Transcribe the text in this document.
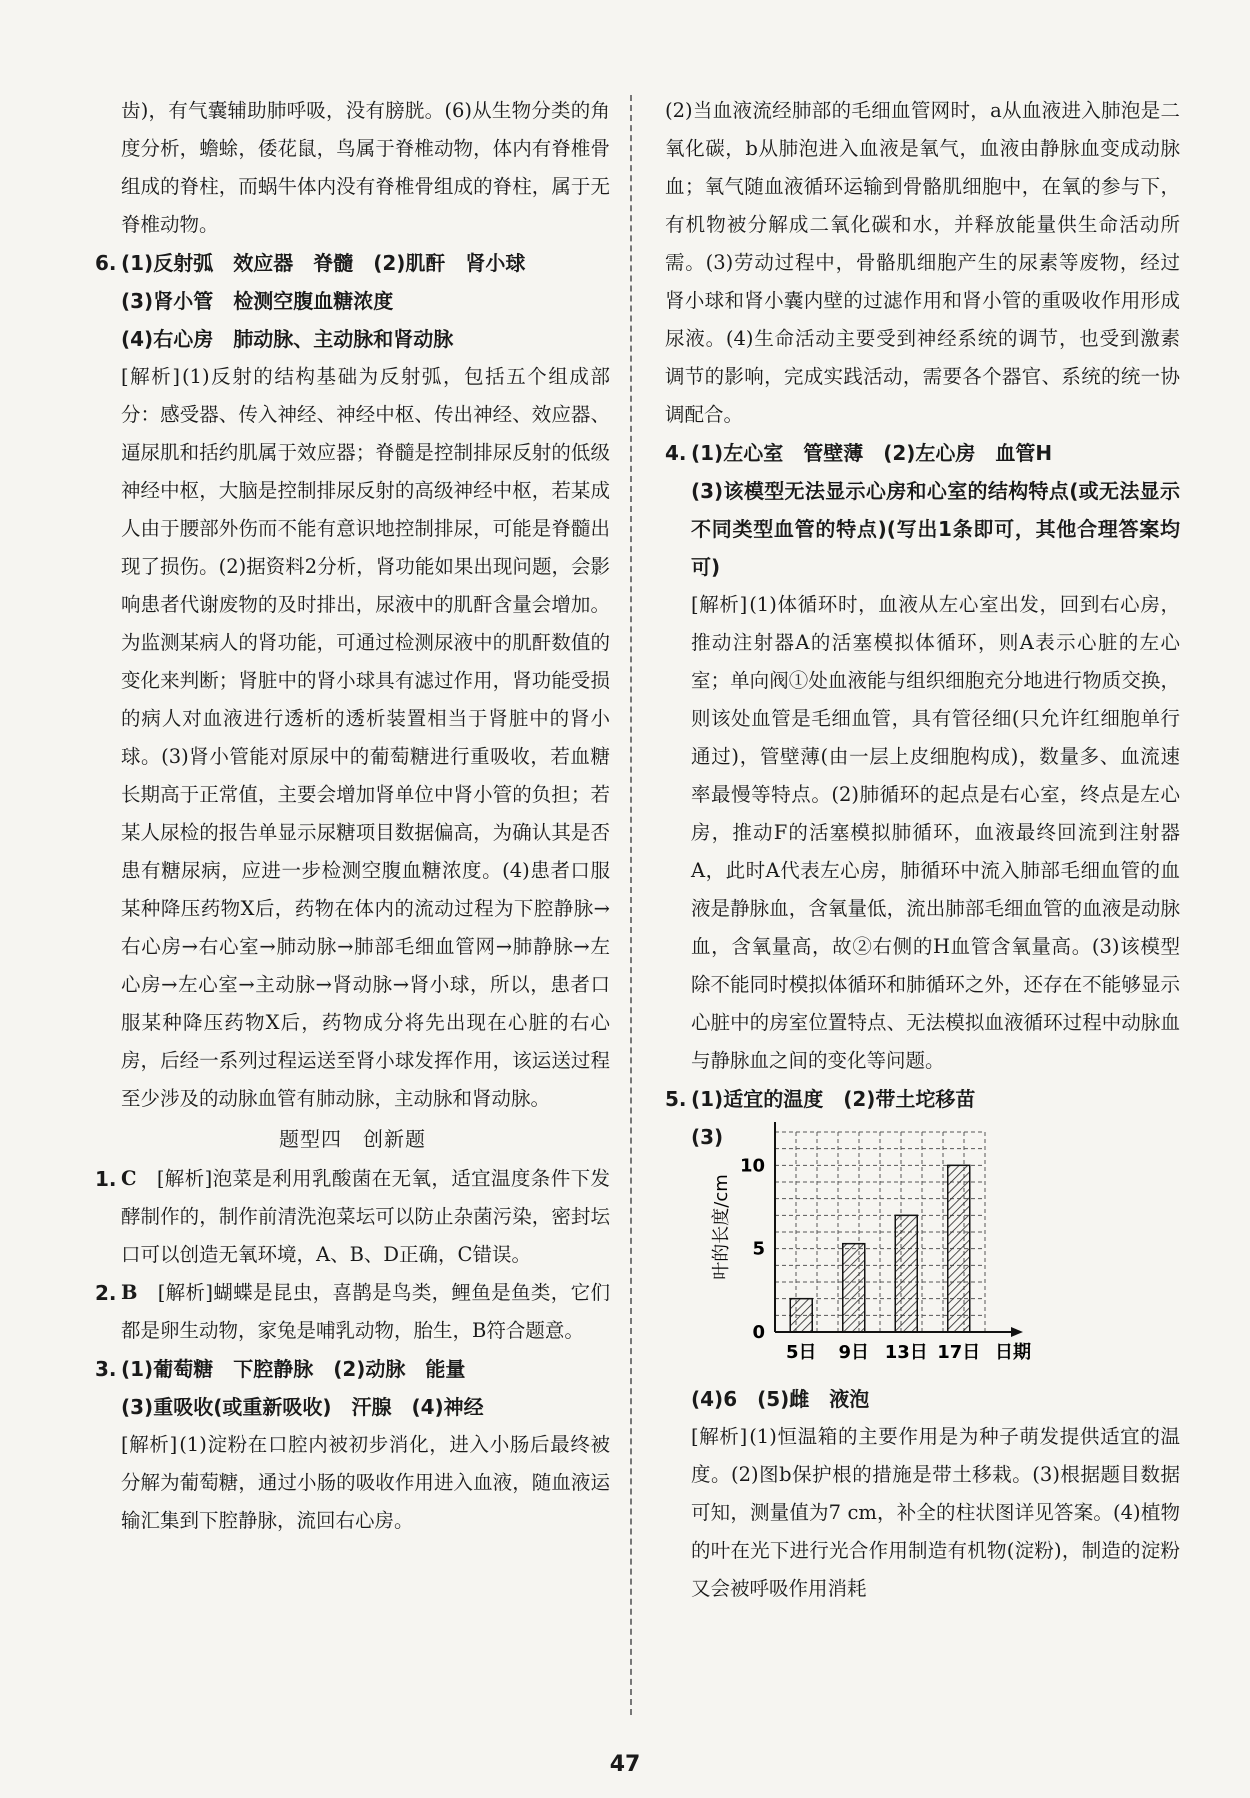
齿)，有气囊辅助肺呼吸，没有膀胱。(6)从生物分类的角度分析，蟾蜍，倭花鼠，鸟属于脊椎动物，体内有脊椎骨组成的脊柱，而蜗牛体内没有脊椎骨组成的脊柱，属于无脊椎动物。

6. (1)反射弧　效应器　脊髓　(2)肌酐　肾小球

(3)肾小管　检测空腹血糖浓度

(4)右心房　肺动脉、主动脉和肾动脉

[解析] (1)反射的结构基础为反射弧，包括五个组成部分：感受器、传入神经、神经中枢、传出神经、效应器、逼尿肌和括约肌属于效应器；脊髓是控制排尿反射的低级神经中枢，大脑是控制排尿反射的高级神经中枢，若某成人由于腰部外伤而不能有意识地控制排尿，可能是脊髓出现了损伤。(2)据资料2分析，肾功能如果出现问题，会影响患者代谢废物的及时排出，尿液中的肌酐含量会增加。为监测某病人的肾功能，可通过检测尿液中的肌酐数值的变化来判断；肾脏中的肾小球具有滤过作用，肾功能受损的病人对血液进行透析的透析装置相当于肾脏中的肾小球。(3)肾小管能对原尿中的葡萄糖进行重吸收，若血糖长期高于正常值，主要会增加肾单位中肾小管的负担；若某人尿检的报告单显示尿糖项目数据偏高，为确认其是否患有糖尿病，应进一步检测空腹血糖浓度。(4)患者口服某种降压药物X后，药物在体内的流动过程为下腔静脉→右心房→右心室→肺动脉→肺部毛细血管网→肺静脉→左心房→左心室→主动脉→肾动脉→肾小球，所以，患者口服某种降压药物X后，药物成分将先出现在心脏的右心房，后经一系列过程运送至肾小球发挥作用，该运送过程至少涉及的动脉血管有肺动脉，主动脉和肾动脉。

题型四　创新题
1. C　 [解析]泡菜是利用乳酸菌在无氧，适宜温度条件下发酵制作的，制作前清洗泡菜坛可以防止杂菌污染，密封坛口可以创造无氧环境，A、B、D正确，C错误。
2. B　 [解析]蝴蝶是昆虫，喜鹊是鸟类，鲤鱼是鱼类，它们都是卵生动物，家兔是哺乳动物，胎生，B符合题意。
3. (1)葡萄糖　下腔静脉　(2)动脉　能量

(3)重吸收(或重新吸收)　汗腺　(4)神经

[解析] (1)淀粉在口腔内被初步消化，进入小肠后最终被分解为葡萄糖，通过小肠的吸收作用进入血液，随血液运输汇集到下腔静脉，流回右心房。

(2)当血液流经肺部的毛细血管网时，a从血液进入肺泡是二氧化碳，b从肺泡进入血液是氧气，血液由静脉血变成动脉血；氧气随血液循环运输到骨骼肌细胞中，在氧的参与下，有机物被分解成二氧化碳和水，并释放能量供生命活动所需。(3)劳动过程中，骨骼肌细胞产生的尿素等废物，经过肾小球和肾小囊内壁的过滤作用和肾小管的重吸收作用形成尿液。(4)生命活动主要受到神经系统的调节，也受到激素调节的影响，完成实践活动，需要各个器官、系统的统一协调配合。

4. (1)左心室　管壁薄　(2)左心房　血管H

(3)该模型无法显示心房和心室的结构特点(或无法显示不同类型血管的特点)(写出1条即可，其他合理答案均可)

[解析] (1)体循环时，血液从左心室出发，回到右心房，推动注射器A的活塞模拟体循环，则A表示心脏的左心室；单向阀①处血液能与组织细胞充分地进行物质交换，则该处血管是毛细血管，具有管径细(只允许红细胞单行通过)，管壁薄(由一层上皮细胞构成)，数量多、血流速率最慢等特点。(2)肺循环的起点是右心室，终点是左心房，推动F的活塞模拟肺循环，血液最终回流到注射器A，此时A代表左心房，肺循环中流入肺部毛细血管的血液是静脉血，含氧量低，流出肺部毛细血管的血液是动脉血，含氧量高，故②右侧的H血管含氧量高。(3)该模型除不能同时模拟体循环和肺循环之外，还存在不能够显示心脏中的房室位置特点、无法模拟血液循环过程中动脉血与静脉血之间的变化等问题。

5. (1)适宜的温度　(2)带土坨移苗
(3)
5日 9日 13日 17日 日期
0
5
10
叶的长度/cm

(4)6　(5)雌　液泡

[解析] (1)恒温箱的主要作用是为种子萌发提供适宜的温度。(2)图b保护根的措施是带土移栽。(3)根据题目数据可知，测量值为7 cm，补全的柱状图详见答案。(4)植物的叶在光下进行光合作用制造有机物(淀粉)，制造的淀粉又会被呼吸作用消耗

47
